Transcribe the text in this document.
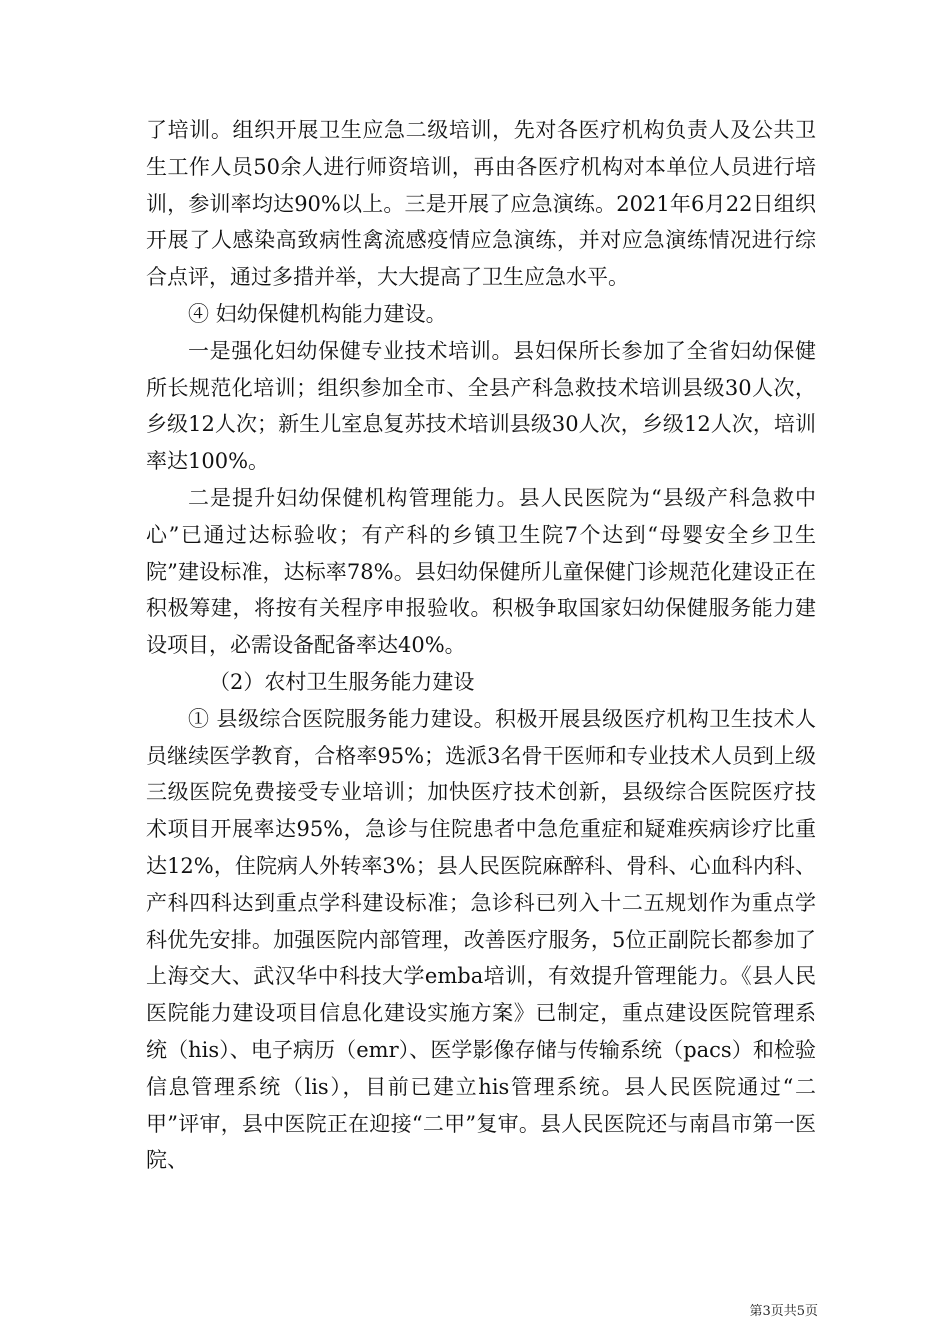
了培训。组织开展卫生应急二级培训，先对各医疗机构负责人及公共卫生工作人员50余人进行师资培训，再由各医疗机构对本单位人员进行培训，参训率均达90%以上。三是开展了应急演练。2021年6月22日组织开展了人感染高致病性禽流感疫情应急演练，并对应急演练情况进行综合点评，通过多措并举，大大提高了卫生应急水平。

④ 妇幼保健机构能力建设。

一是强化妇幼保健专业技术培训。县妇保所长参加了全省妇幼保健所长规范化培训；组织参加全市、全县产科急救技术培训县级30人次，乡级12人次；新生儿室息复苏技术培训县级30人次，乡级12人次，培训率达100%。

二是提升妇幼保健机构管理能力。县人民医院为“县级产科急救中心”已通过达标验收；有产科的乡镇卫生院7个达到“母婴安全乡卫生院”建设标准，达标率78%。县妇幼保健所儿童保健门诊规范化建设正在积极筹建，将按有关程序申报验收。积极争取国家妇幼保健服务能力建设项目，必需设备配备率达40%。

（2）农村卫生服务能力建设

① 县级综合医院服务能力建设。积极开展县级医疗机构卫生技术人员继续医学教育，合格率95%；选派3名骨干医师和专业技术人员到上级三级医院免费接受专业培训；加快医疗技术创新，县级综合医院医疗技术项目开展率达95%，急诊与住院患者中急危重症和疑难疾病诊疗比重达12%，住院病人外转率3%；县人民医院麻醉科、骨科、心血科内科、产科四科达到重点学科建设标准；急诊科已列入十二五规划作为重点学科优先安排。加强医院内部管理，改善医疗服务，5位正副院长都参加了上海交大、武汉华中科技大学emba培训，有效提升管理能力。《县人民医院能力建设项目信息化建设实施方案》已制定，重点建设医院管理系统（his）、电子病历（emr）、医学影像存储与传输系统（pacs）和检验信息管理系统（lis），目前已建立his管理系统。县人民医院通过“二甲”评审，县中医院正在迎接“二甲”复审。县人民医院还与南昌市第一医院、

第3页共5页
